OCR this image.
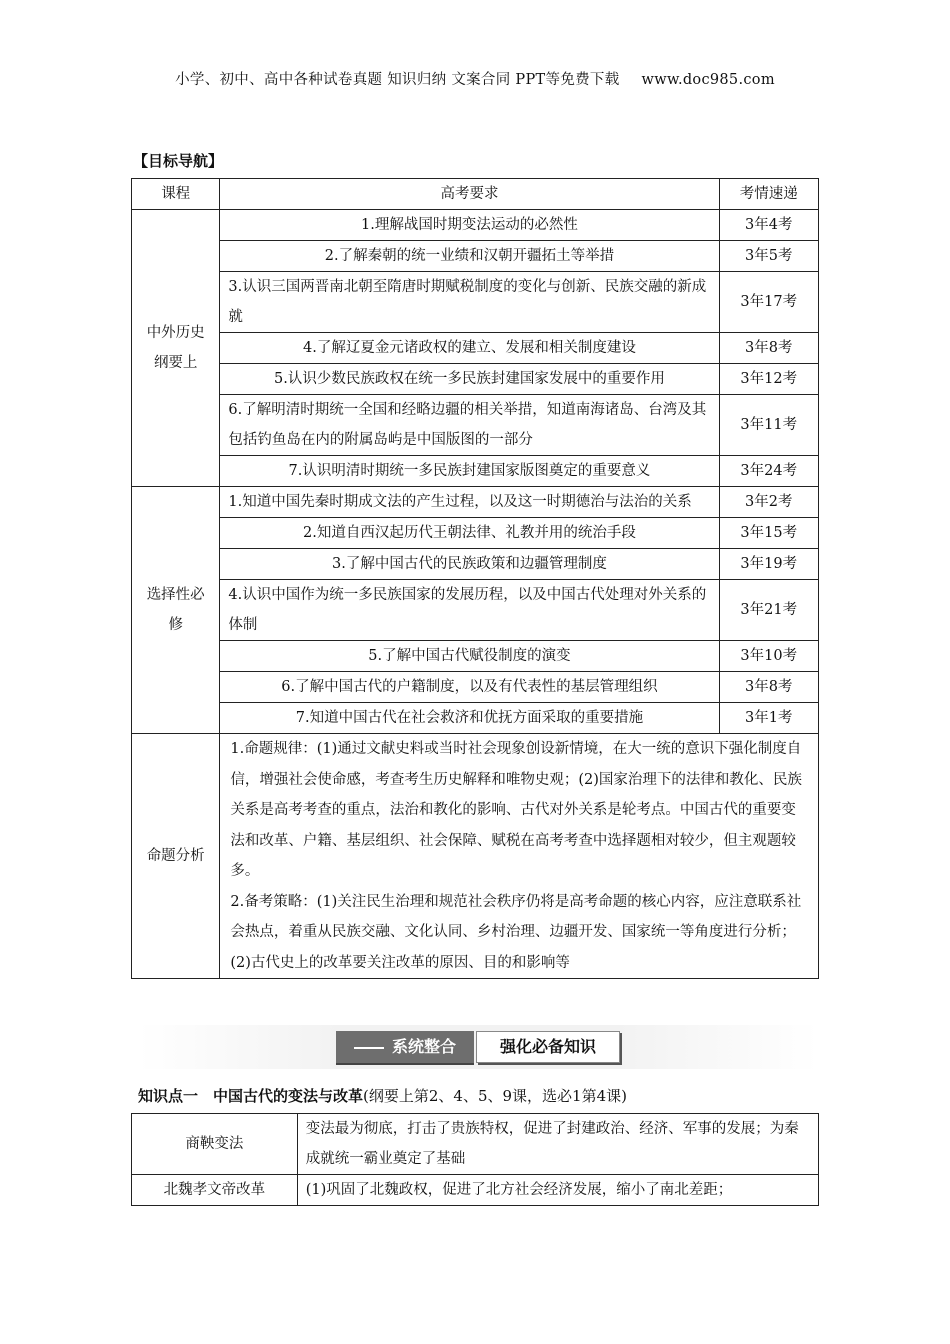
小学、初中、高中各种试卷真题 知识归纳 文案合同 PPT等免费下载 www.doc985.com
【目标导航】
课程	高考要求	考情速递
中外历史纲要上	1.理解战国时期变法运动的必然性	3年4考
	2.了解秦朝的统一业绩和汉朝开疆拓土等举措	3年5考
	3.认识三国两晋南北朝至隋唐时期赋税制度的变化与创新、民族交融的新成就	3年17考
	4.了解辽夏金元诸政权的建立、发展和相关制度建设	3年8考
	5.认识少数民族政权在统一多民族封建国家发展中的重要作用	3年12考
	6.了解明清时期统一全国和经略边疆的相关举措，知道南海诸岛、台湾及其包括钓鱼岛在内的附属岛屿是中国版图的一部分	3年11考
	7.认识明清时期统一多民族封建国家版图奠定的重要意义	3年24考
选择性必修	1.知道中国先秦时期成文法的产生过程，以及这一时期德治与法治的关系	3年2考
	2.知道自西汉起历代王朝法律、礼教并用的统治手段	3年15考
	3.了解中国古代的民族政策和边疆管理制度	3年19考
	4.认识中国作为统一多民族国家的发展历程，以及中国古代处理对外关系的体制	3年21考
	5.了解中国古代赋役制度的演变	3年10考
	6.了解中国古代的户籍制度，以及有代表性的基层管理组织	3年8考
	7.知道中国古代在社会救济和优抚方面采取的重要措施	3年1考
命题分析	1.命题规律：(1)通过文献史料或当时社会现象创设新情境，在大一统的意识下强化制度自信，增强社会使命感，考查考生历史解释和唯物史观；(2)国家治理下的法律和教化、民族关系是高考考查的重点，法治和教化的影响、古代对外关系是轮考点。中国古代的重要变法和改革、户籍、基层组织、社会保障、赋税在高考考查中选择题相对较少，但主观题较多。
2.备考策略：(1)关注民生治理和规范社会秩序仍将是高考命题的核心内容，应注意联系社会热点，着重从民族交融、文化认同、乡村治理、边疆开发、国家统一等角度进行分析；(2)古代史上的改革要关注改革的原因、目的和影响等	
系统整合	强化必备知识
知识点一　中国古代的变法与改革(纲要上第2、4、5、9课，选必1第4课)
商鞅变法	变法最为彻底，打击了贵族特权，促进了封建政治、经济、军事的发展；为秦成就统一霸业奠定了基础
北魏孝文帝改革	(1)巩固了北魏政权，促进了北方社会经济发展，缩小了南北差距；
